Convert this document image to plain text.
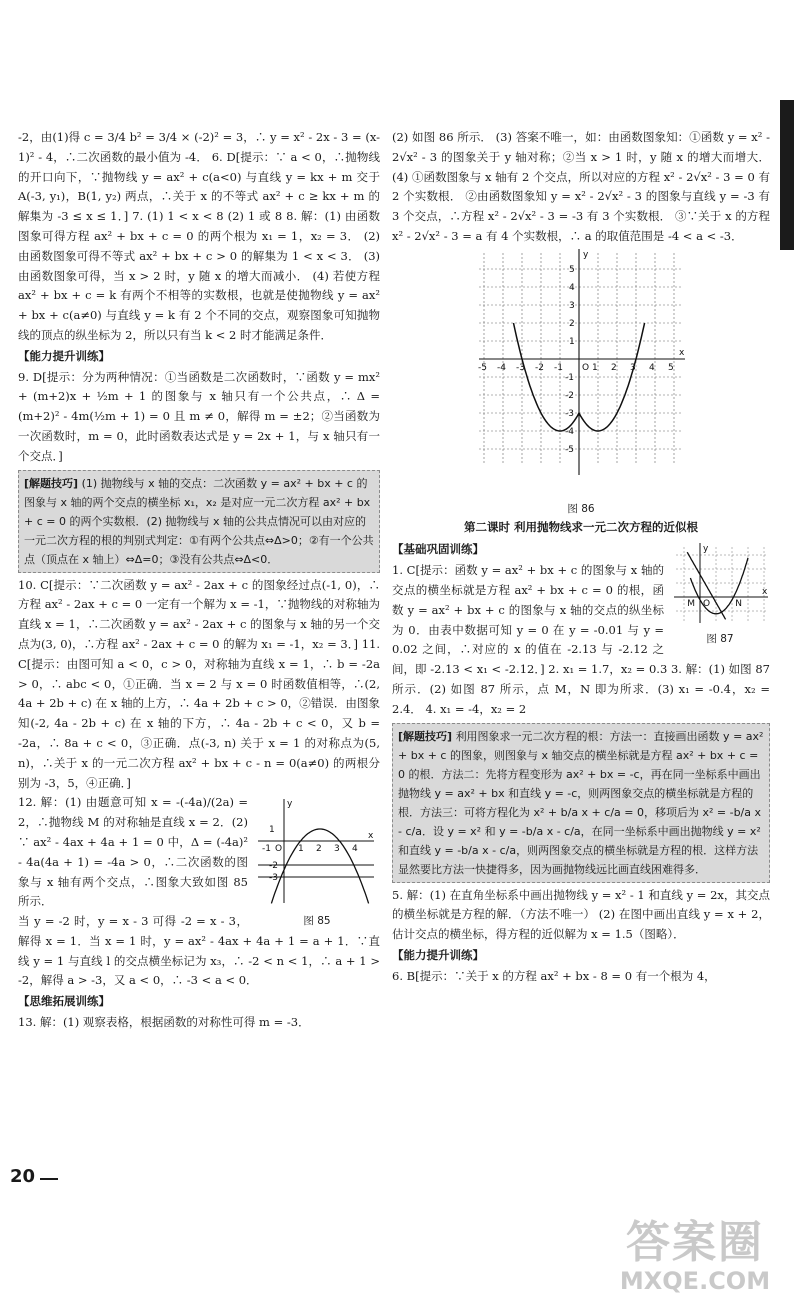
-2，由(1)得 c = 3/4 b² = 3/4 × (-2)² = 3，∴ y = x² - 2x - 3 = (x-1)² - 4，∴二次函数的最小值为 -4． 6. D[提示：∵ a < 0，∴抛物线的开口向下，∵抛物线 y = ax² + c(a<0) 与直线 y = kx + m 交于 A(-3, y₁)，B(1, y₂) 两点，∴关于 x 的不等式 ax² + c ≥ kx + m 的解集为 -3 ≤ x ≤ 1．] 7. (1) 1 < x < 8 (2) 1 或 8 8. 解：(1) 由函数图象可得方程 ax² + bx + c = 0 的两个根为 x₁ = 1，x₂ = 3． (2) 由函数图象可得不等式 ax² + bx + c > 0 的解集为 1 < x < 3． (3) 由函数图象可得，当 x > 2 时，y 随 x 的增大而减小． (4) 若使方程 ax² + bx + c = k 有两个不相等的实数根，也就是使抛物线 y = ax² + bx + c(a≠0) 与直线 y = k 有 2 个不同的交点，观察图象可知抛物线的顶点的纵坐标为 2，所以只有当 k < 2 时才能满足条件．

【能力提升训练】

9. D[提示：分为两种情况：①当函数是二次函数时，∵函数 y = mx² + (m+2)x + ½m + 1 的图象与 x 轴只有一个公共点，∴ Δ = (m+2)² - 4m(½m + 1) = 0 且 m ≠ 0，解得 m = ±2；②当函数为一次函数时，m = 0，此时函数表达式是 y = 2x + 1，与 x 轴只有一个交点．]

[解题技巧] (1) 抛物线与 x 轴的交点：二次函数 y = ax² + bx + c 的图象与 x 轴的两个交点的横坐标 x₁，x₂ 是对应一元二次方程 ax² + bx + c = 0 的两个实数根．(2) 抛物线与 x 轴的公共点情况可以由对应的一元二次方程的根的判别式判定：①有两个公共点⇔Δ>0；②有一个公共点（顶点在 x 轴上）⇔Δ=0；③没有公共点⇔Δ<0．

10. C[提示：∵二次函数 y = ax² - 2ax + c 的图象经过点(-1, 0)，∴方程 ax² - 2ax + c = 0 一定有一个解为 x = -1，∵抛物线的对称轴为直线 x = 1，∴二次函数 y = ax² - 2ax + c 的图象与 x 轴的另一个交点为(3, 0)，∴方程 ax² - 2ax + c = 0 的解为 x₁ = -1，x₂ = 3．] 11. C[提示：由图可知 a < 0，c > 0，对称轴为直线 x = 1，∴ b = -2a > 0，∴ abc < 0，①正确．当 x = 2 与 x = 0 时函数值相等，∴(2, 4a + 2b + c) 在 x 轴的上方，∴ 4a + 2b + c > 0，②错误．由图象知(-2, 4a - 2b + c) 在 x 轴的下方，∴ 4a - 2b + c < 0，又 b = -2a，∴ 8a + c < 0，③正确．点(-3, n) 关于 x = 1 的对称点为(5, n)，∴关于 x 的一元二次方程 ax² + bx + c - n = 0(a≠0) 的两根分别为 -3，5，④正确．]

y
x
O
-1	1 2 3 4
1
-2
-3
图 85

12. 解：(1) 由题意可知 x = -(-4a)/(2a) = 2，∴抛物线 M 的对称轴是直线 x = 2．(2) ∵ ax² - 4ax + 4a + 1 = 0 中，Δ = (-4a)² - 4a(4a + 1) = -4a > 0，∴二次函数的图象与 x 轴有两个交点，∴图象大致如图 85 所示．

当 y = -2 时，y = x - 3 可得 -2 = x - 3，解得 x = 1．当 x = 1 时，y = ax² - 4ax + 4a + 1 = a + 1．∵直线 y = 1 与直线 l 的交点横坐标记为 x₃，∴ -2 < n < 1，∴ a + 1 > -2，解得 a > -3，又 a < 0，∴ -3 < a < 0．

【思维拓展训练】

13. 解：(1) 观察表格，根据函数的对称性可得 m = -3．

(2) 如图 86 所示． (3) 答案不唯一，如：由函数图象知：①函数 y = x² - 2√x² - 3 的图象关于 y 轴对称；②当 x > 1 时，y 随 x 的增大而增大． (4) ①函数图象与 x 轴有 2 个交点，所以对应的方程 x² - 2√x² - 3 = 0 有 2 个实数根． ②由函数图象知 y = x² - 2√x² - 3 的图象与直线 y = -3 有 3 个交点，∴方程 x² - 2√x² - 3 = -3 有 3 个实数根． ③∵关于 x 的方程 x² - 2√x² - 3 = a 有 4 个实数根，∴ a 的取值范围是 -4 < a < -3．

y
x
O
-5 -4 -3 -2 -1	1 2 3 4 5
5
4
3
2
1
-1
-2
-3
-4
-5
图 86
第二课时 利用抛物线求一元二次方程的近似根
【基础巩固训练】	y
x
M	N
O
图 87

1. C[提示：函数 y = ax² + bx + c 的图象与 x 轴的交点的横坐标就是方程 ax² + bx + c = 0 的根，函数 y = ax² + bx + c 的图象与 x 轴的交点的纵坐标为 0．由表中数据可知 y = 0 在 y = -0.01 与 y = 0.02 之间，∴对应的 x 的值在 -2.13 与 -2.12 之间，即 -2.13 < x₁ < -2.12．] 2. x₁ = 1.7，x₂ = 0.3 3. 解：(1) 如图 87 所示．(2) 如图 87 所示，点 M，N 即为所求．(3) x₁ = -0.4，x₂ = 2.4． 4. x₁ = -4，x₂ = 2

[解题技巧] 利用图象求一元二次方程的根：方法一：直接画出函数 y = ax² + bx + c 的图象，则图象与 x 轴交点的横坐标就是方程 ax² + bx + c = 0 的根．方法二：先将方程变形为 ax² + bx = -c，再在同一坐标系中画出抛物线 y = ax² + bx 和直线 y = -c，则两图象交点的横坐标就是方程的根．方法三：可将方程化为 x² + b/a x + c/a = 0，移项后为 x² = -b/a x - c/a．设 y = x² 和 y = -b/a x - c/a，在同一坐标系中画出抛物线 y = x² 和直线 y = -b/a x - c/a，则两图象交点的横坐标就是方程的根．这样方法显然要比方法一快捷得多，因为画抛物线远比画直线困难得多．

5. 解：(1) 在直角坐标系中画出抛物线 y = x² - 1 和直线 y = 2x，其交点的横坐标就是方程的解．（方法不唯一） (2) 在图中画出直线 y = x + 2，估计交点的横坐标，得方程的近似解为 x = 1.5（图略）．

【能力提升训练】

6. B[提示：∵关于 x 的方程 ax² + bx - 8 = 0 有一个根为 4，

20
答案圈
MXQE.COM
